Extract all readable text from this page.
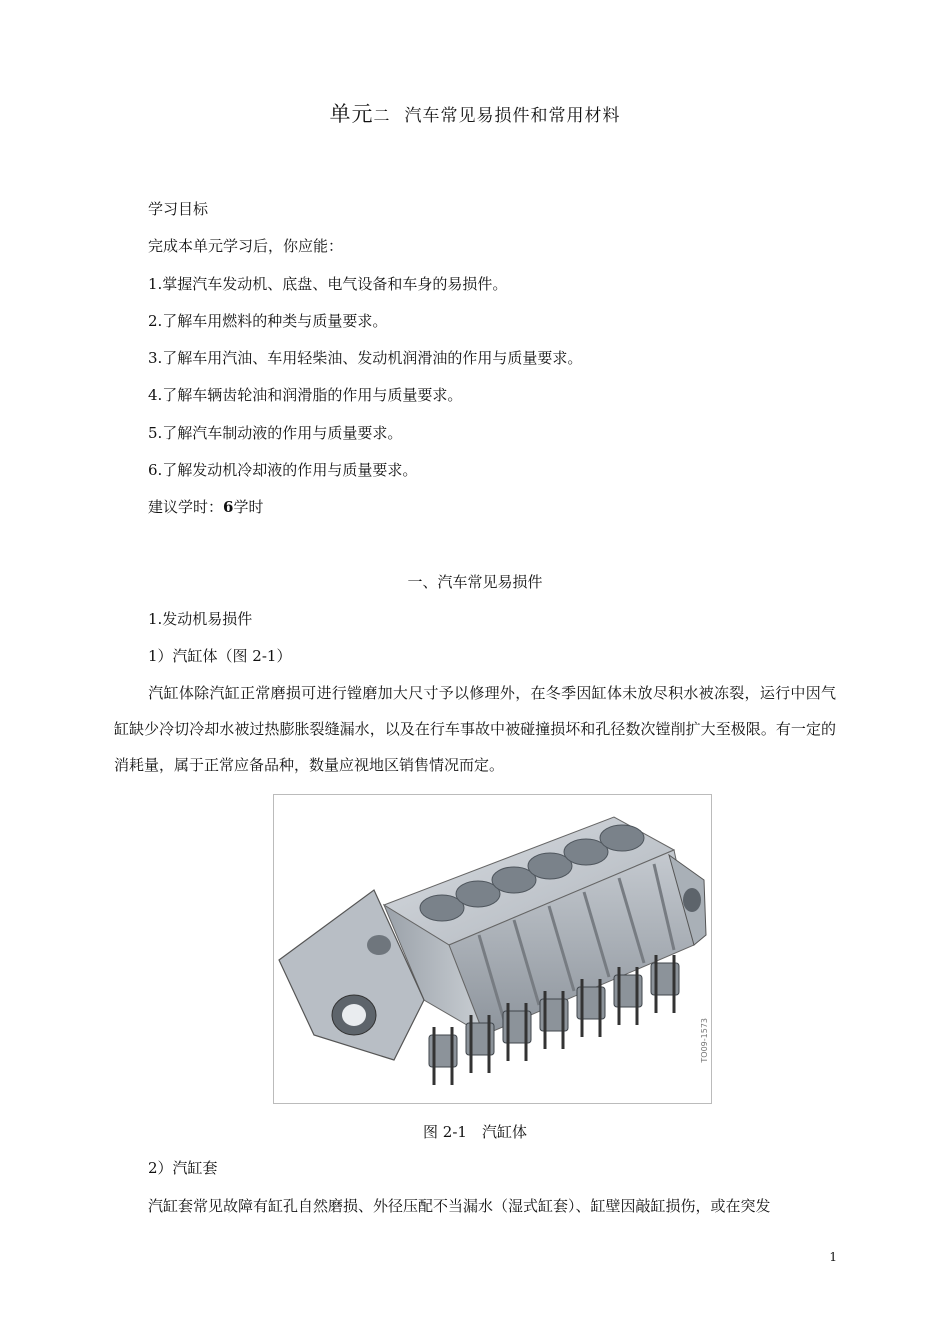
单元二 汽车常见易损件和常用材料
学习目标
完成本单元学习后，你应能：
1.掌握汽车发动机、底盘、电气设备和车身的易损件。
2.了解车用燃料的种类与质量要求。
3.了解车用汽油、车用轻柴油、发动机润滑油的作用与质量要求。
4.了解车辆齿轮油和润滑脂的作用与质量要求。
5.了解汽车制动液的作用与质量要求。
6.了解发动机冷却液的作用与质量要求。
建议学时：6学时
一、汽车常见易损件
1.发动机易损件
1）汽缸体（图 2-1）
汽缸体除汽缸正常磨损可进行镗磨加大尺寸予以修理外，在冬季因缸体未放尽积水被冻裂，运行中因气缸缺少冷切冷却水被过热膨胀裂缝漏水，以及在行车事故中被碰撞损坏和孔径数次镗削扩大至极限。有一定的消耗量，属于正常应备品种，数量应视地区销售情况而定。
TO09-1573
图 2-1　汽缸体
2）汽缸套
汽缸套常见故障有缸孔自然磨损、外径压配不当漏水（湿式缸套）、缸壁因敲缸损伤，或在突发
1
